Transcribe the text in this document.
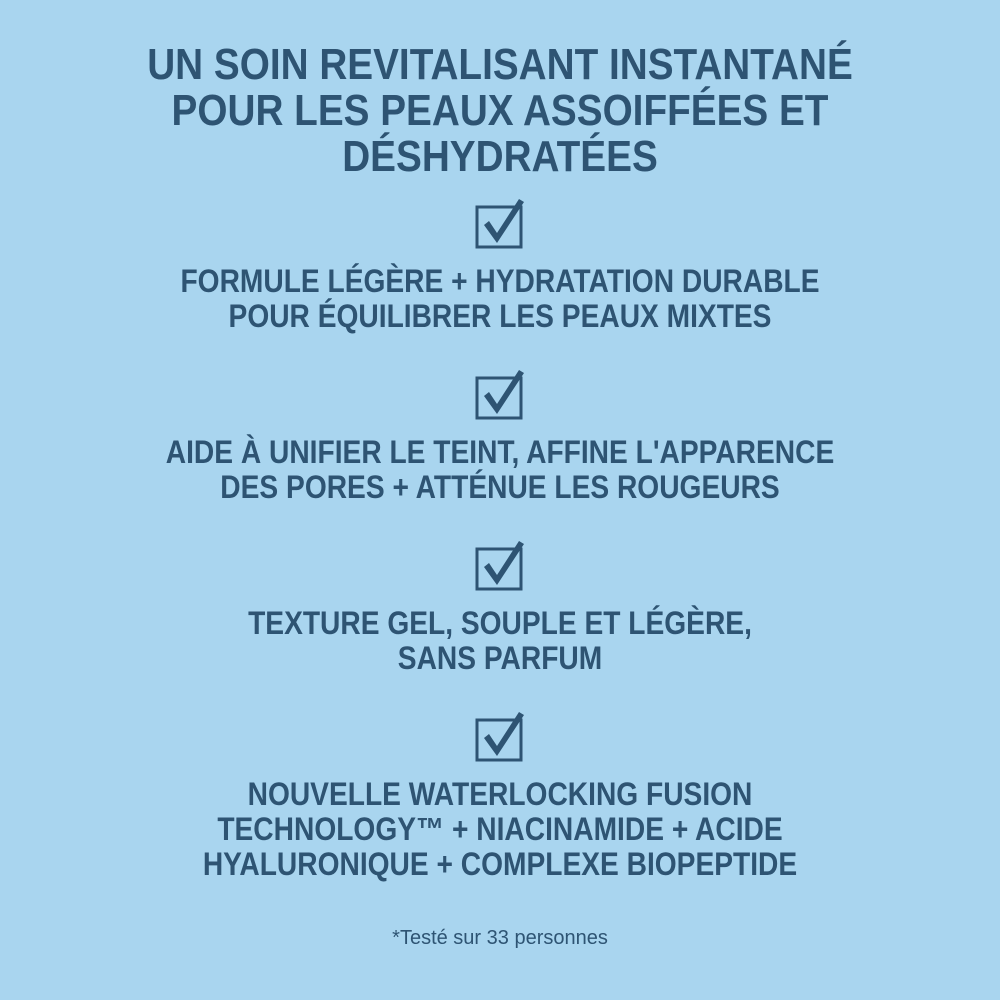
UN SOIN REVITALISANT INSTANTANÉ
POUR LES PEAUX ASSOIFFÉES ET
DÉSHYDRATÉES

FORMULE LÉGÈRE + HYDRATATION DURABLE
POUR ÉQUILIBRER LES PEAUX MIXTES

AIDE À UNIFIER LE TEINT, AFFINE L'APPARENCE
DES PORES + ATTÉNUE LES ROUGEURS

TEXTURE GEL, SOUPLE ET LÉGÈRE,
SANS PARFUM

NOUVELLE WATERLOCKING FUSION
TECHNOLOGY™ + NIACINAMIDE + ACIDE
HYALURONIQUE + COMPLEXE BIOPEPTIDE

*Testé sur 33 personnes
